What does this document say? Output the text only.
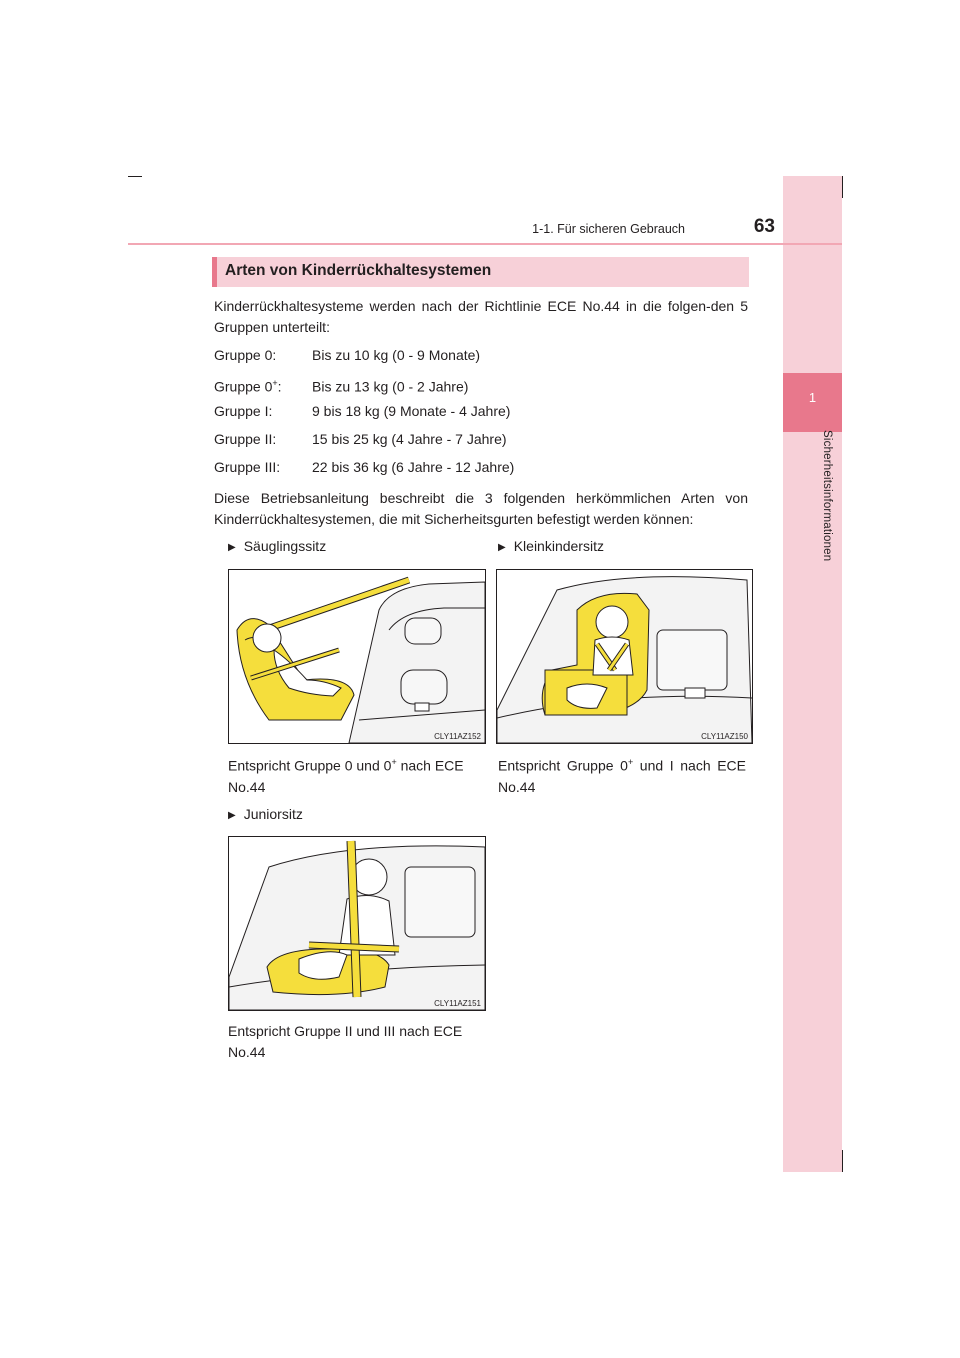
1
Sicherheitsinformationen
1-1. Für sicheren Gebrauch	63
Arten von Kinderrückhaltesystemen
Kinderrückhaltesysteme werden nach der Richtlinie ECE No.44 in die folgen-den 5 Gruppen unterteilt:
Gruppe 0:	Bis zu 10 kg (0 - 9 Monate)
Gruppe 0+: Bis zu 13 kg (0 - 2 Jahre)
Gruppe I:	9 bis 18 kg (9 Monate - 4 Jahre)
Gruppe II:	15 bis 25 kg (4 Jahre - 7 Jahre)
Gruppe III: 22 bis 36 kg (6 Jahre - 12 Jahre)
Diese Betriebsanleitung beschreibt die 3 folgenden herkömmlichen Arten von Kinderrückhaltesystemen, die mit Sicherheitsgurten befestigt werden können:
▶ Säuglingssitz
CLY11AZ152
Entspricht Gruppe 0 und 0+ nach ECE No.44
▶ Kleinkindersitz
CLY11AZ150
Entspricht Gruppe 0+ und I nach ECE No.44
▶ Juniorsitz
CLY11AZ151
Entspricht Gruppe II und III nach ECE No.44
